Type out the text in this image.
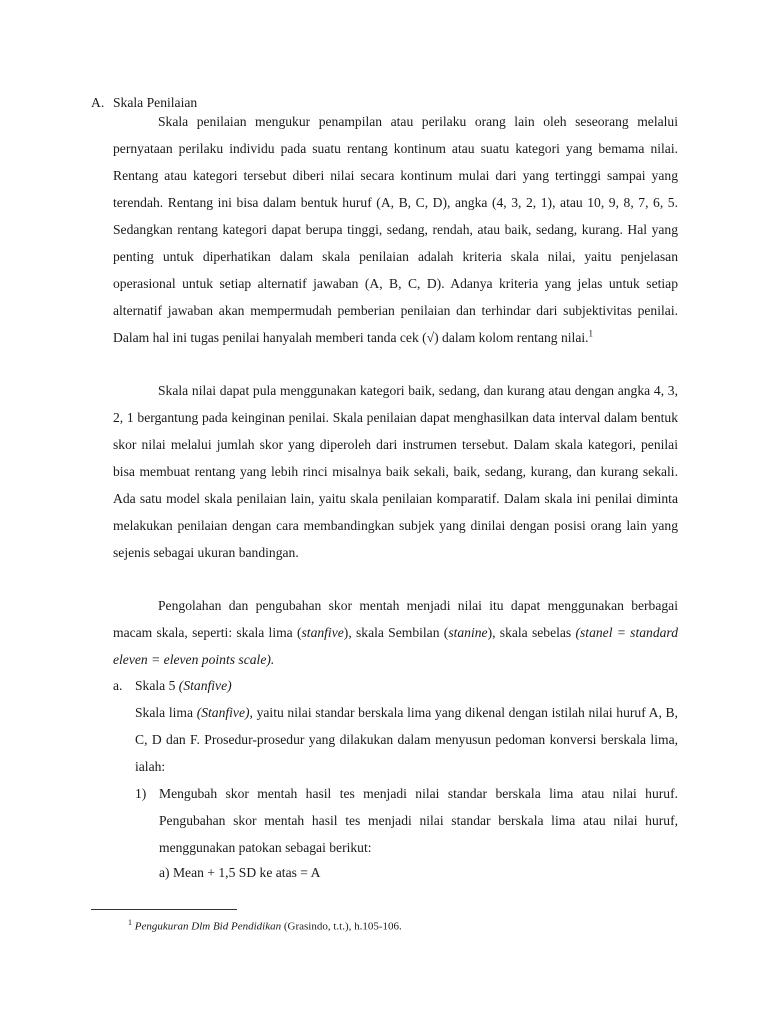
A. Skala Penilaian

Skala penilaian mengukur penampilan atau perilaku orang lain oleh seseorang melalui pernyataan perilaku individu pada suatu rentang kontinum atau suatu kategori yang bemama nilai. Rentang atau kategori tersebut diberi nilai secara kontinum mulai dari yang tertinggi sampai yang terendah. Rentang ini bisa dalam bentuk huruf (A, B, C, D), angka (4, 3, 2, 1), atau 10, 9, 8, 7, 6, 5. Sedangkan rentang kategori dapat berupa tinggi, sedang, rendah, atau baik, sedang, kurang. Hal yang penting untuk diperhatikan dalam skala penilaian adalah kriteria skala nilai, yaitu penjelasan operasional untuk setiap alternatif jawaban (A, B, C, D). Adanya kriteria yang jelas untuk setiap alternatif jawaban akan mempermudah pemberian penilaian dan terhindar dari subjektivitas penilai. Dalam hal ini tugas penilai hanyalah memberi tanda cek (√) dalam kolom rentang nilai.$^1$

Skala nilai dapat pula menggunakan kategori baik, sedang, dan kurang atau dengan angka 4, 3, 2, 1 bergantung pada keinginan penilai. Skala penilaian dapat menghasilkan data interval dalam bentuk skor nilai melalui jumlah skor yang diperoleh dari instrumen tersebut. Dalam skala kategori, penilai bisa membuat rentang yang lebih rinci misalnya baik sekali, baik, sedang, kurang, dan kurang sekali. Ada satu model skala penilaian lain, yaitu skala penilaian komparatif. Dalam skala ini penilai diminta melakukan penilaian dengan cara membandingkan subjek yang dinilai dengan posisi orang lain yang sejenis sebagai ukuran bandingan.

Pengolahan dan pengubahan skor mentah menjadi nilai itu dapat menggunakan berbagai macam skala, seperti: skala lima (stanfive), skala Sembilan (stanine), skala sebelas (stanel = standard eleven = eleven points scale).

a. Skala 5 (Stanfive)

Skala lima (Stanfive), yaitu nilai standar berskala lima yang dikenal dengan istilah nilai huruf A, B, C, D dan F. Prosedur-prosedur yang dilakukan dalam menyusun pedoman konversi berskala lima, ialah:

1) Mengubah skor mentah hasil tes menjadi nilai standar berskala lima atau nilai huruf. Pengubahan skor mentah hasil tes menjadi nilai standar berskala lima atau nilai huruf, menggunakan patokan sebagai berikut:
a) Mean + 1,5 SD ke atas = A
$^1$ Pengukuran Dlm Bid Pendidikan (Grasindo, t.t.), h.105-106.
